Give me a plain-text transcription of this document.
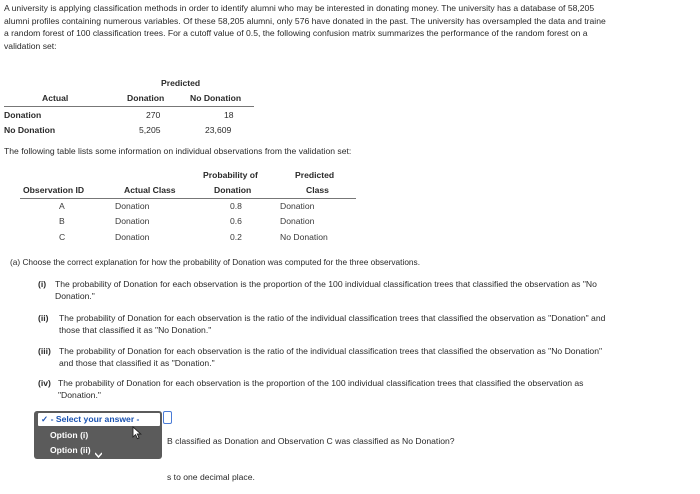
A university is applying classification methods in order to identify alumni who may be interested in donating money. The university has a database of 58,205
alumni profiles containing numerous variables. Of these 58,205 alumni, only 576 have donated in the past. The university has oversampled the data and traine
a random forest of 100 classification trees. For a cutoff value of 0.5, the following confusion matrix summarizes the performance of the random forest on a
validation set:
Predicted
Actual	Donation	No Donation
Donation	270	18
No Donation	5,205	23,609
The following table lists some information on individual observations from the validation set:
Probability of	Predicted
Observation ID	Actual Class	Donation	Class
A	Donation	0.8	Donation
B	Donation	0.6	Donation
C	Donation	0.2	No Donation
(a) Choose the correct explanation for how the probability of Donation was computed for the three observations.
(i) The probability of Donation for each observation is the proportion of the 100 individual classification trees that classified the observation as "No
Donation."
(ii) The probability of Donation for each observation is the ratio of the individual classification trees that classified the observation as "Donation" and
those that classified it as "No Donation."
(iii) The probability of Donation for each observation is the ratio of the individual classification trees that classified the observation as "No Donation"
and those that classified it as "Donation."
(iv) The probability of Donation for each observation is the proportion of the 100 individual classification trees that classified the observation as
"Donation."
B classified as Donation and Observation C was classified as No Donation?
s to one decimal place.
✓ - Select your answer -
Option (i)
Option (ii)
Option (iii)
